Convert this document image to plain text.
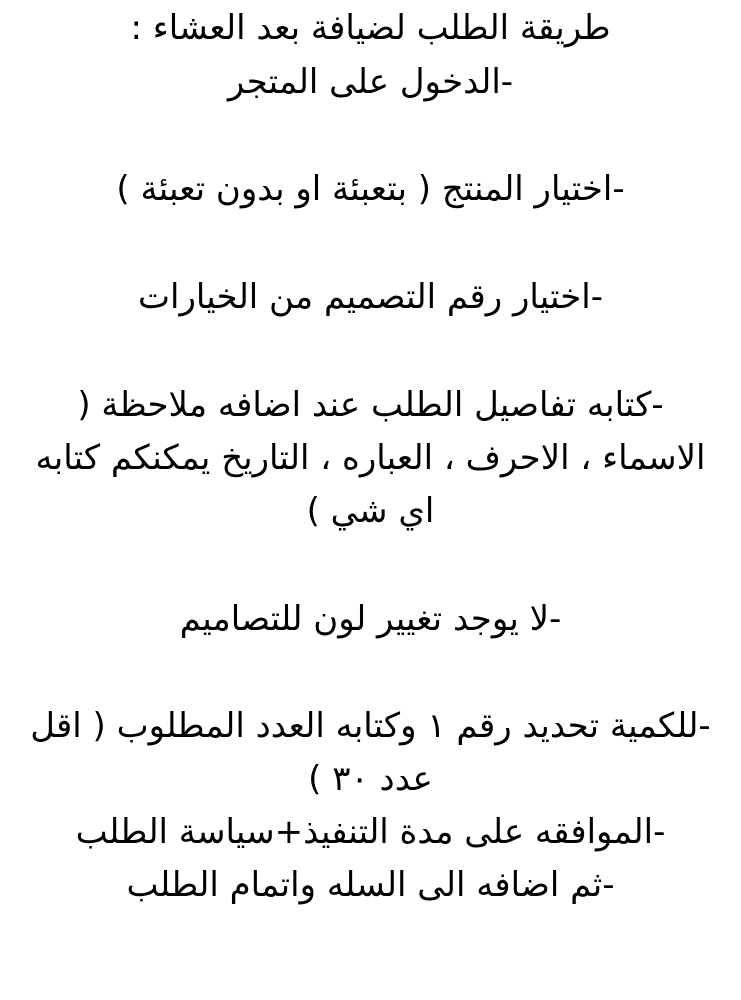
طريقة الطلب لضيافة بعد العشاء :
-الدخول على المتجر
-اختيار المنتج ( بتعبئة او بدون تعبئة )
-اختيار رقم التصميم من الخيارات
-كتابه تفاصيل الطلب عند اضافه ملاحظة (
الاسماء ، الاحرف ، العباره ، التاريخ يمكنكم كتابه
اي شي )
-لا يوجد تغيير لون للتصاميم
-للكمية تحديد رقم ١ وكتابه العدد المطلوب ( اقل
عدد ٣٠ )
-الموافقه على مدة التنفيذ+سياسة الطلب
-ثم اضافه الى السله واتمام الطلب
